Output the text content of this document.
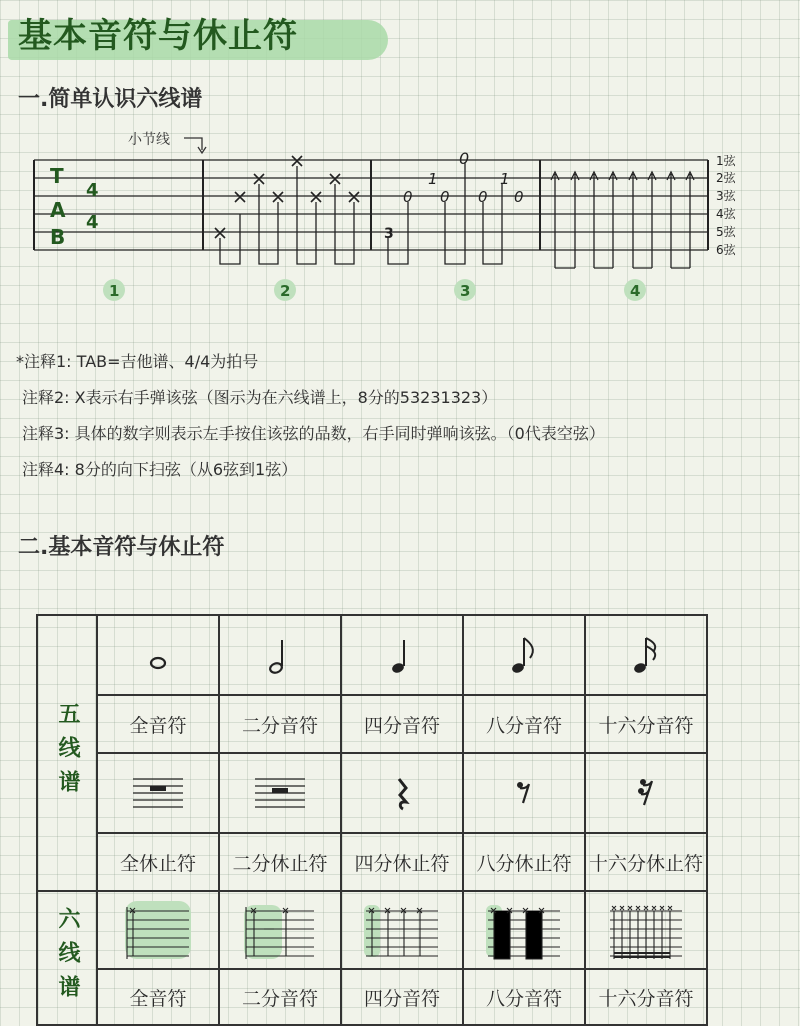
基本音符与休止符
一.简单认识六线谱
小节线
T
A
B
4
4
3
0
0
1
0 0
1
0
1弦
2弦
3弦
4弦
5弦
6弦
1	2	3	4
*注释1: TAB=吉他谱、4/4为拍号
注释2: X表示右手弹该弦（图示为在六线谱上，8分的53231323）
注释3: 具体的数字则表示左手按住该弦的品数，右手同时弹响该弦。（0代表空弦）
注释4: 8分的向下扫弦（从6弦到1弦）
二.基本音符与休止符
五线谱

	全音符	二分音符	四分音符	八分音符	十六分音符

	全休止符	二分休止符	四分休止符	八分休止符	十六分休止符

六线谱

	全音符	二分音符	四分音符	八分音符	十六分音符
